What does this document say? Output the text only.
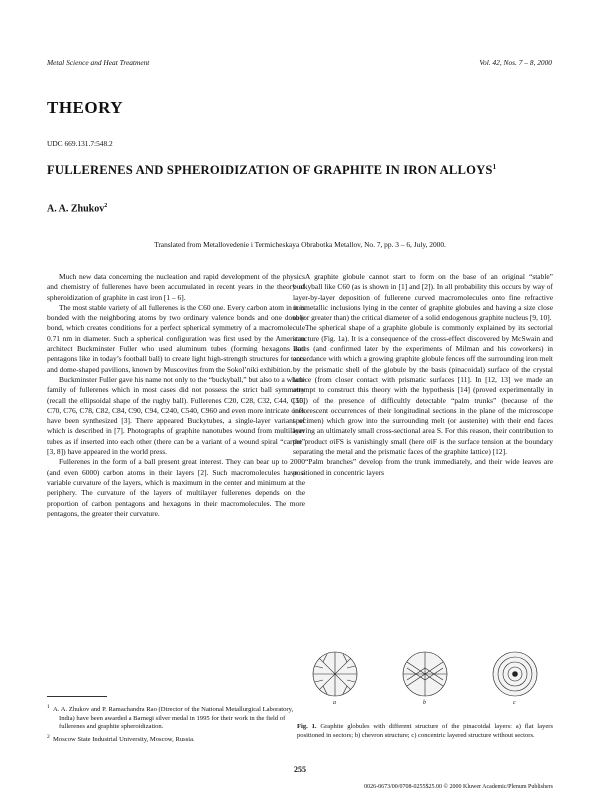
Metal Science and Heat Treatment	Vol. 42, Nos. 7 – 8, 2000
THEORY
UDC 669.131.7:548.2
FULLERENES AND SPHEROIDIZATION OF GRAPHITE IN IRON ALLOYS$^1$
A. A. Zhukov$^2$
Translated from Metallovedenie i Termicheskaya Obrabotka Metallov, No. 7, pp. 3 – 6, July, 2000.

Much new data concerning the nucleation and rapid development of the physics and chemistry of fullerenes have been accumulated in recent years in the theory of spheroidization of graphite in cast iron [1 – 6].

The most stable variety of all fullerenes is the C60 one. Every carbon atom in it is bonded with the neighboring atoms by two ordinary valence bonds and one double bond, which creates conditions for a perfect spherical symmetry of a macromolecule 0.71 nm in diameter. Such a spherical configuration was first used by the American architect Buckminster Fuller who used aluminum tubes (forming hexagons and pentagons like in today’s football ball) to create light high-strength structures for tents and dome-shaped pavilions, known by Muscovites from the Sokol’niki exhibition.

Buckminster Fuller gave his name not only to the “buckyball,” but also to a whole family of fullerenes which in most cases did not possess the strict ball symmetry (recall the ellipsoidal shape of the rugby ball). Fullerenes C20, C28, C32, C44, C50, C70, C76, C78, C82, C84, C90, C94, C240, C540, C960 and even more intricate ones have been synthesized [3]. There appeared Buckytubes, a single-layer variant of which is described in [7]. Photographs of graphite nanotubes wound from multilayer tubes as if inserted into each other (there can be a variant of a wound spiral “carpet” [3, 8]) have appeared in the world press.

Fullerenes in the form of a ball present great interest. They can bear up to 2000 (and even 6000) carbon atoms in their layers [2]. Such macromolecules have a variable curvature of the layers, which is maximum in the center and minimum at the periphery. The curvature of the layers of multilayer fullerenes depends on the proportion of carbon pentagons and hexagons in their macromolecules. The more pentagons, the greater their curvature.

$^1$ A. A. Zhukov and P. Ramachandra Rao (Director of the National Metallurgical Laboratory, India) have been awarded a Barnegi silver medal in 1995 for their work in the field of fullerenes and graphite spheroidization.

$^2$ Moscow State Industrial University, Moscow, Russia.

A graphite globule cannot start to form on the base of an original “stable” buckyball like C60 (as is shown in [1] and [2]). In all probability this occurs by way of layer-by-layer deposition of fullerene curved macromolecules onto fine refractive nonmetallic inclusions lying in the center of graphite globules and having a size close to (or greater than) the critical diameter of a solid endogenous graphite nucleus [9, 10].

The spherical shape of a graphite globule is commonly explained by its sectorial structure (Fig. 1a). It is a consequence of the cross-effect discovered by McSwain and Bates (and confirmed later by the experiments of Milman and his coworkers) in accordance with which a growing graphite globule fences off the surrounding iron melt by the prismatic shell of the globule by the basis (pinacoidal) surface of the crystal lattice (from closer contact with prismatic surfaces [11]. In [12, 13] we made an attempt to construct this theory with the hypothesis [14] (proved experimentally in [15]) of the presence of difficultly detectable “palm trunks” (because of the inflorescent occurrences of their longitudinal sections in the plane of the microscope specimen) which grow into the surrounding melt (or austenite) with their end faces leaving an ultimately small cross-sectional area S. For this reason, their contribution to the product σiFS is vanishingly small (here σiF is the surface tension at the boundary separating the metal and the prismatic faces of the graphite lattice) [12].

“Palm branches” develop from the trunk immediately, and their wide leaves are positioned in concentric layers

a	b	c
Fig. 1. Graphite globules with different structure of the pinacoidal layers: a) flat layers positioned in sectors; b) chevron structure; c) concentric layered structure without sectors.
255
0026-0673/00/0708-0255$25.00 © 2000 Kluwer Academic/Plenum Publishers
